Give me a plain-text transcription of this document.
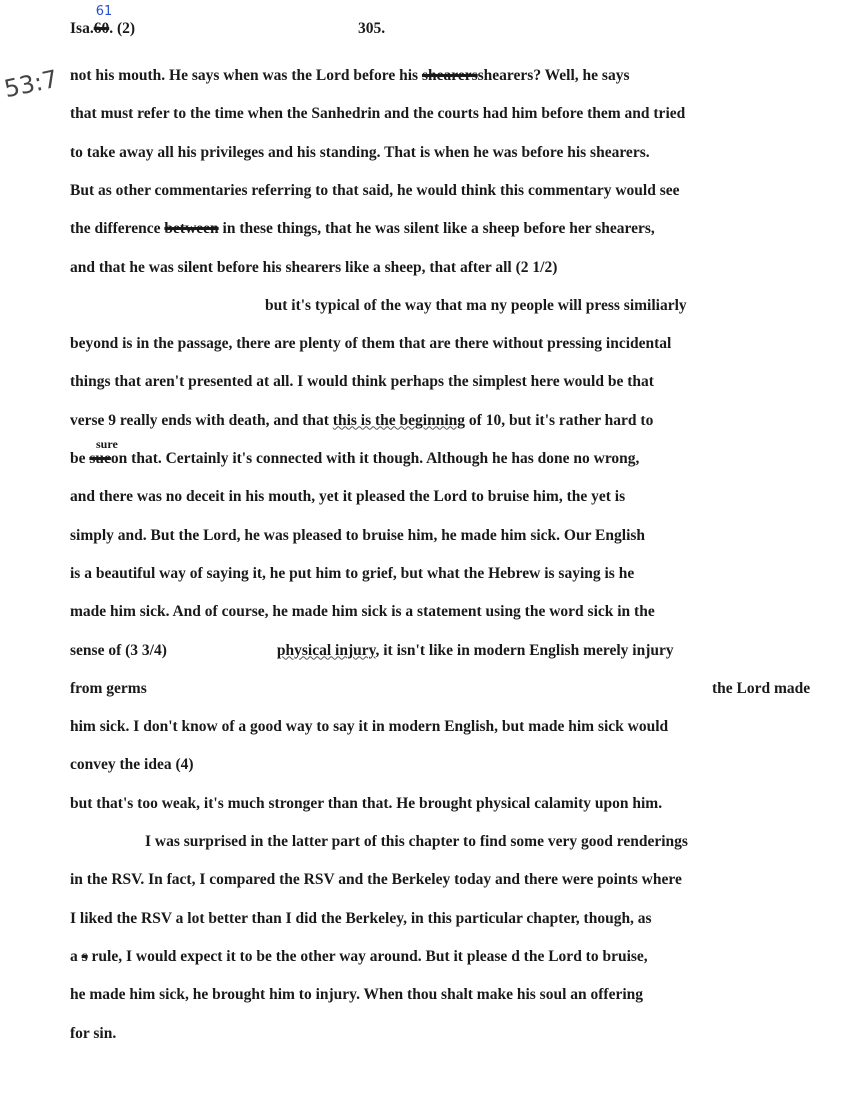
Isa.60
61
. (2)	305.
53:7 not his mouth. He says when was the Lord before his shearersshearers? Well, he says
that must refer to the time when the Sanhedrin and the courts had him before them and tried
to take away all his privileges and his standing. That is when he was before his shearers.
But as other commentaries referring to that said, he would think this commentary would see
the difference between in these things, that he was silent like a sheep before her shearers,
and that he was silent before his shearers like a sheep, that after all (2 1/2)
but it's typical of the way that ma ny people will press similiarly
beyond is in the passage, there are plenty of them that are there without pressing incidental
things that aren't presented at all. I would think perhaps the simplest here would be that
verse 9 really ends with death, and that this is the beginning of 10, but it's rather hard to
be sueon that. Certainly it's connected with it though. Although he has done no wrong,
sure
and there was no deceit in his mouth, yet it pleased the Lord to bruise him, the yet is
simply and. But the Lord, he was pleased to bruise him, he made him sick. Our English
is a beautiful way of saying it, he put him to grief, but what the Hebrew is saying is he
made him sick. And of course, he made him sick is a statement using the word sick in the
sense of (3 3/4)	physical injury, it isn't like in modern English merely injury
from germs	the Lord made
him sick. I don't know of a good way to say it in modern English, but made him sick would
convey the idea (4)
but that's too weak, it's much stronger than that. He brought physical calamity upon him.
I was surprised in the latter part of this chapter to find some very good renderings
in the RSV. In fact, I compared the RSV and the Berkeley today and there were points where
I liked the RSV a lot better than I did the Berkeley, in this particular chapter, though, as
a s rule, I would expect it to be the other way around. But it please d the Lord to bruise,
he made him sick, he brought him to injury. When thou shalt make his soul an offering
for sin.
